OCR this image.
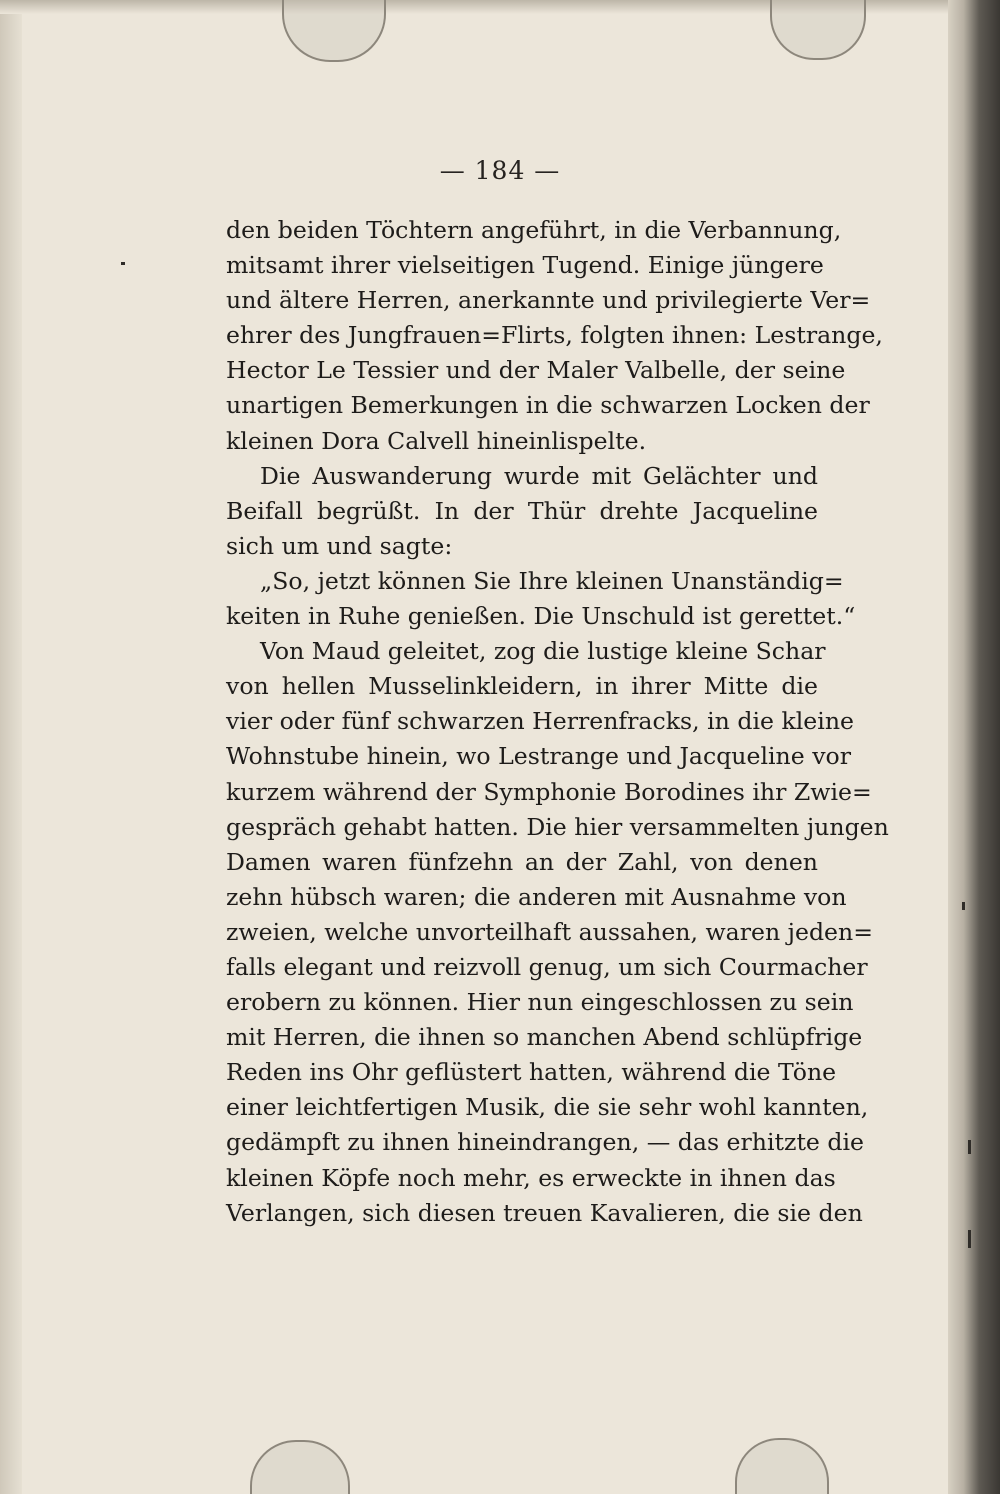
— 184 —

den beiden Töchtern angeführt, in die Verbannung,
mitsamt ihrer vielseitigen Tugend. Einige jüngere
und ältere Herren, anerkannte und privilegierte Ver=
ehrer des Jungfrauen=Flirts, folgten ihnen: Lestrange,
Hector Le Tessier und der Maler Valbelle, der seine
unartigen Bemerkungen in die schwarzen Locken der
kleinen Dora Calvell hineinlispelte.
Die Auswanderung wurde mit Gelächter und
Beifall begrüßt. In der Thür drehte Jacqueline
sich um und sagte:
„So, jetzt können Sie Ihre kleinen Unanständig=
keiten in Ruhe genießen. Die Unschuld ist gerettet.“
Von Maud geleitet, zog die lustige kleine Schar
von hellen Musselinkleidern, in ihrer Mitte die
vier oder fünf schwarzen Herrenfracks, in die kleine
Wohnstube hinein, wo Lestrange und Jacqueline vor
kurzem während der Symphonie Borodines ihr Zwie=
gespräch gehabt hatten. Die hier versammelten jungen
Damen waren fünfzehn an der Zahl, von denen
zehn hübsch waren; die anderen mit Ausnahme von
zweien, welche unvorteilhaft aussahen, waren jeden=
falls elegant und reizvoll genug, um sich Courmacher
erobern zu können. Hier nun eingeschlossen zu sein
mit Herren, die ihnen so manchen Abend schlüpfrige
Reden ins Ohr geflüstert hatten, während die Töne
einer leichtfertigen Musik, die sie sehr wohl kannten,
gedämpft zu ihnen hineindrangen, — das erhitzte die
kleinen Köpfe noch mehr, es erweckte in ihnen das
Verlangen, sich diesen treuen Kavalieren, die sie den
